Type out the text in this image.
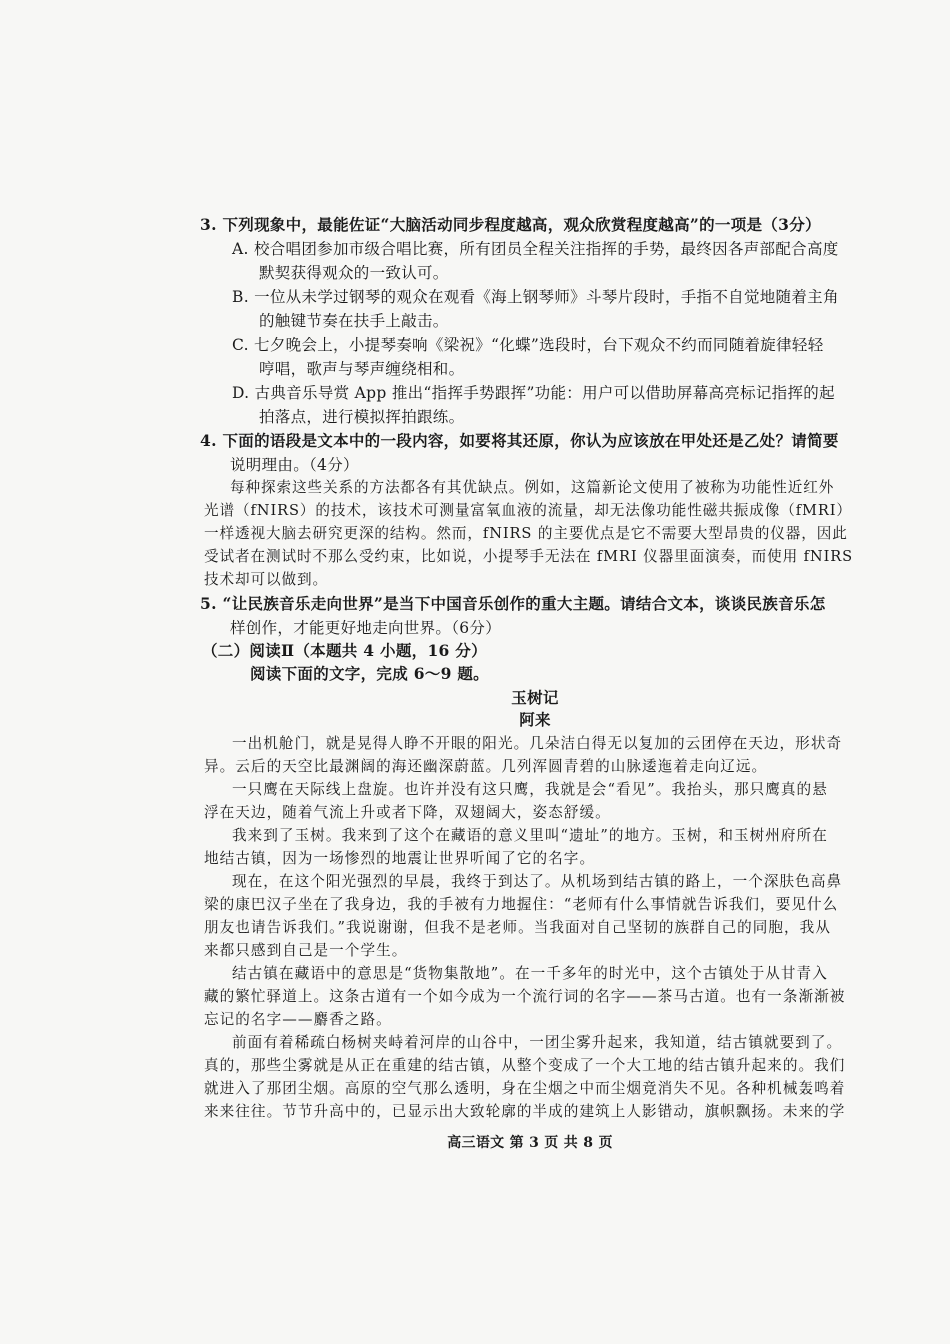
3. 下列现象中，最能佐证“大脑活动同步程度越高，观众欣赏程度越高”的一项是（3分）
A. 校合唱团参加市级合唱比赛，所有团员全程关注指挥的手势，最终因各声部配合高度
默契获得观众的一致认可。
B. 一位从未学过钢琴的观众在观看《海上钢琴师》斗琴片段时，手指不自觉地随着主角
的触键节奏在扶手上敲击。
C. 七夕晚会上，小提琴奏响《梁祝》“化蝶”选段时，台下观众不约而同随着旋律轻轻
哼唱，歌声与琴声缠绕相和。
D. 古典音乐导赏 App 推出“指挥手势跟挥”功能：用户可以借助屏幕高亮标记指挥的起
拍落点，进行模拟挥拍跟练。
4. 下面的语段是文本中的一段内容，如要将其还原，你认为应该放在甲处还是乙处？请简要
说明理由。（4分）
每种探索这些关系的方法都各有其优缺点。例如，这篇新论文使用了被称为功能性近红外
光谱（fNIRS）的技术，该技术可测量富氧血液的流量，却无法像功能性磁共振成像（fMRI）
一样透视大脑去研究更深的结构。然而，fNIRS 的主要优点是它不需要大型昂贵的仪器，因此
受试者在测试时不那么受约束，比如说，小提琴手无法在 fMRI 仪器里面演奏，而使用 fNIRS
技术却可以做到。
5. “让民族音乐走向世界”是当下中国音乐创作的重大主题。请结合文本，谈谈民族音乐怎
样创作，才能更好地走向世界。（6分）
（二）阅读Ⅱ（本题共 4 小题，16 分）
阅读下面的文字，完成 6～9 题。
玉树记
阿来
一出机舱门，就是晃得人睁不开眼的阳光。几朵洁白得无以复加的云团停在天边，形状奇
异。云后的天空比最渊阔的海还幽深蔚蓝。几列浑圆青碧的山脉逶迤着走向辽远。
一只鹰在天际线上盘旋。也许并没有这只鹰，我就是会“看见”。我抬头，那只鹰真的悬
浮在天边，随着气流上升或者下降，双翅阔大，姿态舒缓。
我来到了玉树。我来到了这个在藏语的意义里叫“遗址”的地方。玉树，和玉树州府所在
地结古镇，因为一场惨烈的地震让世界听闻了它的名字。
现在，在这个阳光强烈的早晨，我终于到达了。从机场到结古镇的路上，一个深肤色高鼻
梁的康巴汉子坐在了我身边，我的手被有力地握住：“老师有什么事情就告诉我们，要见什么
朋友也请告诉我们。”我说谢谢，但我不是老师。当我面对自己坚韧的族群自己的同胞，我从
来都只感到自己是一个学生。
结古镇在藏语中的意思是“货物集散地”。在一千多年的时光中，这个古镇处于从甘青入
藏的繁忙驿道上。这条古道有一个如今成为一个流行词的名字——茶马古道。也有一条渐渐被
忘记的名字——麝香之路。
前面有着稀疏白杨树夹峙着河岸的山谷中，一团尘雾升起来，我知道，结古镇就要到了。
真的，那些尘雾就是从正在重建的结古镇，从整个变成了一个大工地的结古镇升起来的。我们
就进入了那团尘烟。高原的空气那么透明，身在尘烟之中而尘烟竟消失不见。各种机械轰鸣着
来来往往。节节升高中的，已显示出大致轮廓的半成的建筑上人影错动，旗帜飘扬。未来的学
高三语文 第 3 页 共 8 页
